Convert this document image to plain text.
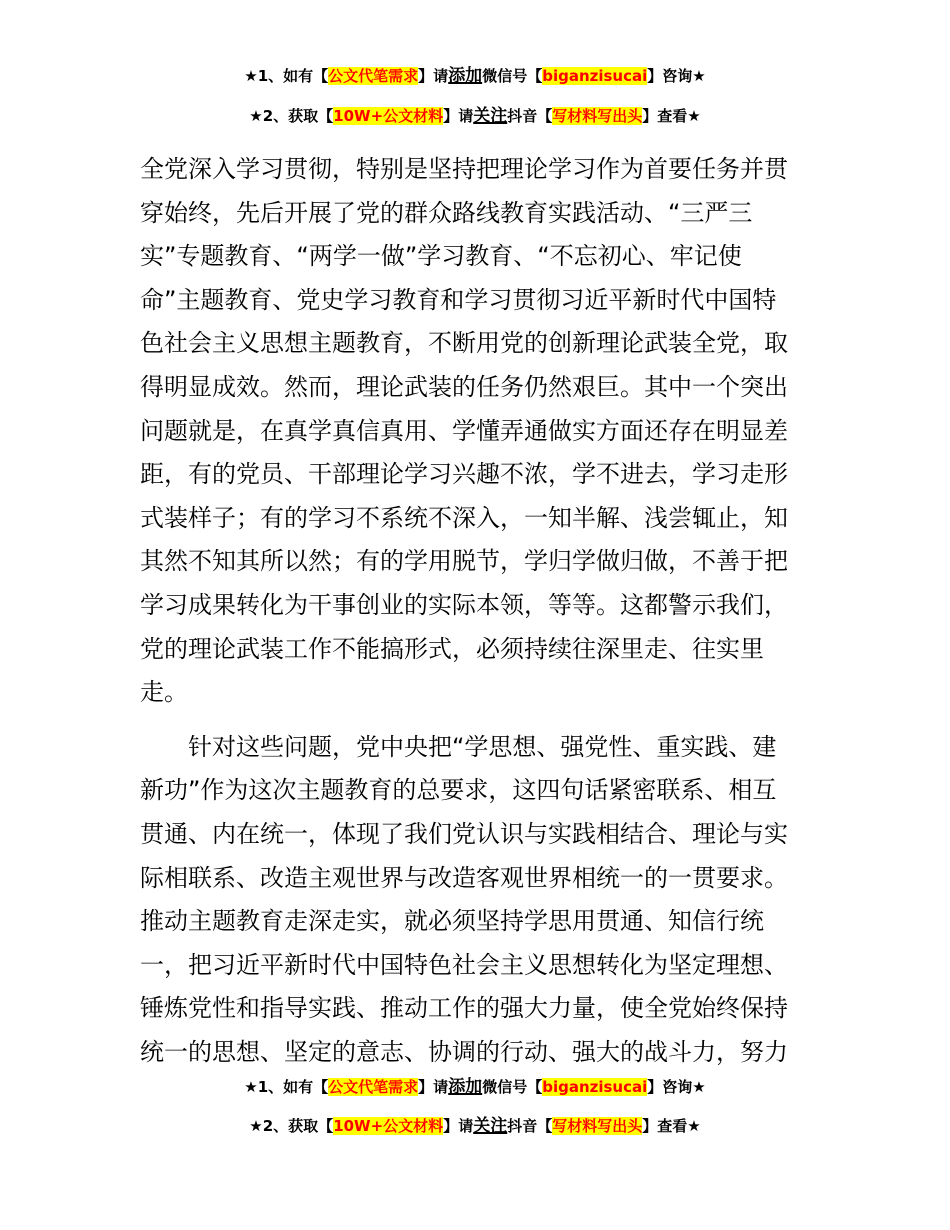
★1、如有【公文代笔需求】请添加微信号【biganzisucai】咨询★
★2、获取【10W+公文材料】请关注抖音【写材料写出头】查看★
全党深入学习贯彻，特别是坚持把理论学习作为首要任务并贯
穿始终，先后开展了党的群众路线教育实践活动、“三严三
实”专题教育、“两学一做”学习教育、“不忘初心、牢记使
命”主题教育、党史学习教育和学习贯彻习近平新时代中国特
色社会主义思想主题教育，不断用党的创新理论武装全党，取
得明显成效。然而，理论武装的任务仍然艰巨。其中一个突出
问题就是，在真学真信真用、学懂弄通做实方面还存在明显差
距，有的党员、干部理论学习兴趣不浓，学不进去，学习走形
式装样子；有的学习不系统不深入，一知半解、浅尝辄止，知
其然不知其所以然；有的学用脱节，学归学做归做，不善于把
学习成果转化为干事创业的实际本领，等等。这都警示我们，
党的理论武装工作不能搞形式，必须持续往深里走、往实里
走。
针对这些问题，党中央把“学思想、强党性、重实践、建
新功”作为这次主题教育的总要求，这四句话紧密联系、相互
贯通、内在统一，体现了我们党认识与实践相结合、理论与实
际相联系、改造主观世界与改造客观世界相统一的一贯要求。
推动主题教育走深走实，就必须坚持学思用贯通、知信行统
一，把习近平新时代中国特色社会主义思想转化为坚定理想、
锤炼党性和指导实践、推动工作的强大力量，使全党始终保持
统一的思想、坚定的意志、协调的行动、强大的战斗力，努力
★1、如有【公文代笔需求】请添加微信号【biganzisucai】咨询★
★2、获取【10W+公文材料】请关注抖音【写材料写出头】查看★
